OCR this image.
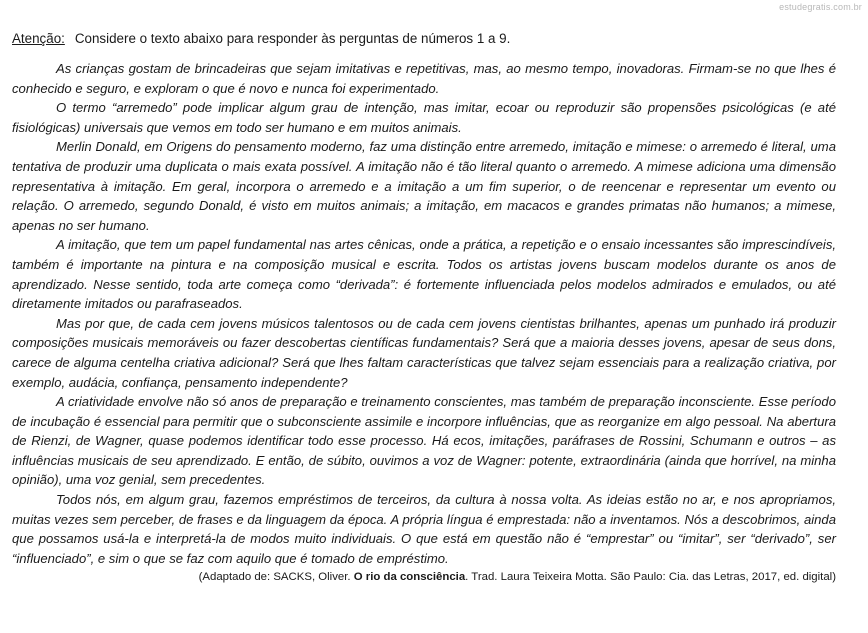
estudegratis.com.br
Atenção: Considere o texto abaixo para responder às perguntas de números 1 a 9.

As crianças gostam de brincadeiras que sejam imitativas e repetitivas, mas, ao mesmo tempo, inovadoras. Firmam-se no que lhes é conhecido e seguro, e exploram o que é novo e nunca foi experimentado.

O termo “arremedo” pode implicar algum grau de intenção, mas imitar, ecoar ou reproduzir são propensões psicológicas (e até fisiológicas) universais que vemos em todo ser humano e em muitos animais.

Merlin Donald, em Origens do pensamento moderno, faz uma distinção entre arremedo, imitação e mimese: o arremedo é literal, uma tentativa de produzir uma duplicata o mais exata possível. A imitação não é tão literal quanto o arremedo. A mimese adiciona uma dimensão representativa à imitação. Em geral, incorpora o arremedo e a imitação a um fim superior, o de reencenar e representar um evento ou relação. O arremedo, segundo Donald, é visto em muitos animais; a imitação, em macacos e grandes primatas não humanos; a mimese, apenas no ser humano.

A imitação, que tem um papel fundamental nas artes cênicas, onde a prática, a repetição e o ensaio incessantes são imprescindíveis, também é importante na pintura e na composição musical e escrita. Todos os artistas jovens buscam modelos durante os anos de aprendizado. Nesse sentido, toda arte começa como “derivada”: é fortemente influenciada pelos modelos admirados e emulados, ou até diretamente imitados ou parafraseados.

Mas por que, de cada cem jovens músicos talentosos ou de cada cem jovens cientistas brilhantes, apenas um punhado irá produzir composições musicais memoráveis ou fazer descobertas científicas fundamentais? Será que a maioria desses jovens, apesar de seus dons, carece de alguma centelha criativa adicional? Será que lhes faltam características que talvez sejam essenciais para a realização criativa, por exemplo, audácia, confiança, pensamento independente?

A criatividade envolve não só anos de preparação e treinamento conscientes, mas também de preparação inconsciente. Esse período de incubação é essencial para permitir que o subconsciente assimile e incorpore influências, que as reorganize em algo pessoal. Na abertura de Rienzi, de Wagner, quase podemos identificar todo esse processo. Há ecos, imitações, paráfrases de Rossini, Schumann e outros – as influências musicais de seu aprendizado. E então, de súbito, ouvimos a voz de Wagner: potente, extraordinária (ainda que horrível, na minha opinião), uma voz genial, sem precedentes.

Todos nós, em algum grau, fazemos empréstimos de terceiros, da cultura à nossa volta. As ideias estão no ar, e nos apropriamos, muitas vezes sem perceber, de frases e da linguagem da época. A própria língua é emprestada: não a inventamos. Nós a descobrimos, ainda que possamos usá-la e interpretá-la de modos muito individuais. O que está em questão não é “emprestar” ou “imitar”, ser “derivado”, ser “influenciado”, e sim o que se faz com aquilo que é tomado de empréstimo.

(Adaptado de: SACKS, Oliver. O rio da consciência. Trad. Laura Teixeira Motta. São Paulo: Cia. das Letras, 2017, ed. digital)
